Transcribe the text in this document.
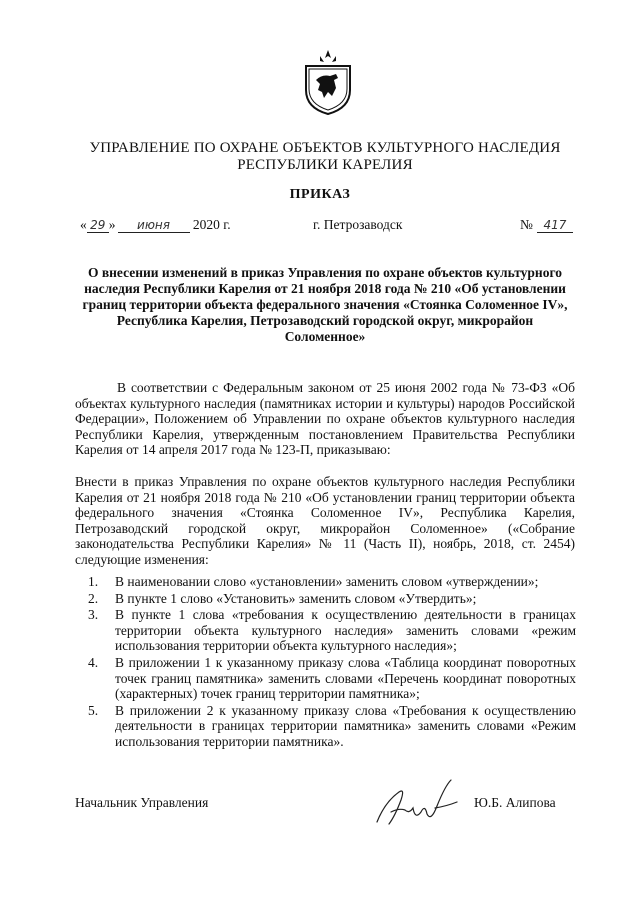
УПРАВЛЕНИЕ ПО ОХРАНЕ ОБЪЕКТОВ КУЛЬТУРНОГО НАСЛЕДИЯ
РЕСПУБЛИКИ КАРЕЛИЯ
ПРИКАЗ
« 29 » июня 2020 г.	г. Петрозаводск	№ 417
О внесении изменений в приказ Управления по охране объектов культурного наследия Республики Карелия от 21 ноября 2018 года № 210 «Об установлении границ территории объекта федерального значения «Стоянка Соломенное IV», Республика Карелия, Петрозаводский городской округ, микрорайон Соломенное»
В соответствии с Федеральным законом от 25 июня 2002 года № 73-ФЗ «Об объектах культурного наследия (памятниках истории и культуры) народов Российской Федерации», Положением об Управлении по охране объектов культурного наследия Республики Карелия, утвержденным постановлением Правительства Республики Карелия от 14 апреля 2017 года № 123-П, приказываю:
Внести в приказ Управления по охране объектов культурного наследия Республики Карелия от 21 ноября 2018 года № 210 «Об установлении границ территории объекта федерального значения «Стоянка Соломенное IV», Республика Карелия, Петрозаводский городской округ, микрорайон Соломенное» («Собрание законодательства Республики Карелия» № 11 (Часть II), ноябрь, 2018, ст. 2454) следующие изменения:
1. В наименовании слово «установлении» заменить словом «утверждении»;
2. В пункте 1 слово «Установить» заменить словом «Утвердить»;
3. В пункте 1 слова «требования к осуществлению деятельности в границах территории объекта культурного наследия» заменить словами «режим использования территории объекта культурного наследия»;
4. В приложении 1 к указанному приказу слова «Таблица координат поворотных точек границ памятника» заменить словами «Перечень координат поворотных (характерных) точек границ территории памятника»;
5. В приложении 2 к указанному приказу слова «Требования к осуществлению деятельности в границах территории памятника» заменить словами «Режим использования территории памятника».
Начальник Управления	Ю.Б. Алипова
